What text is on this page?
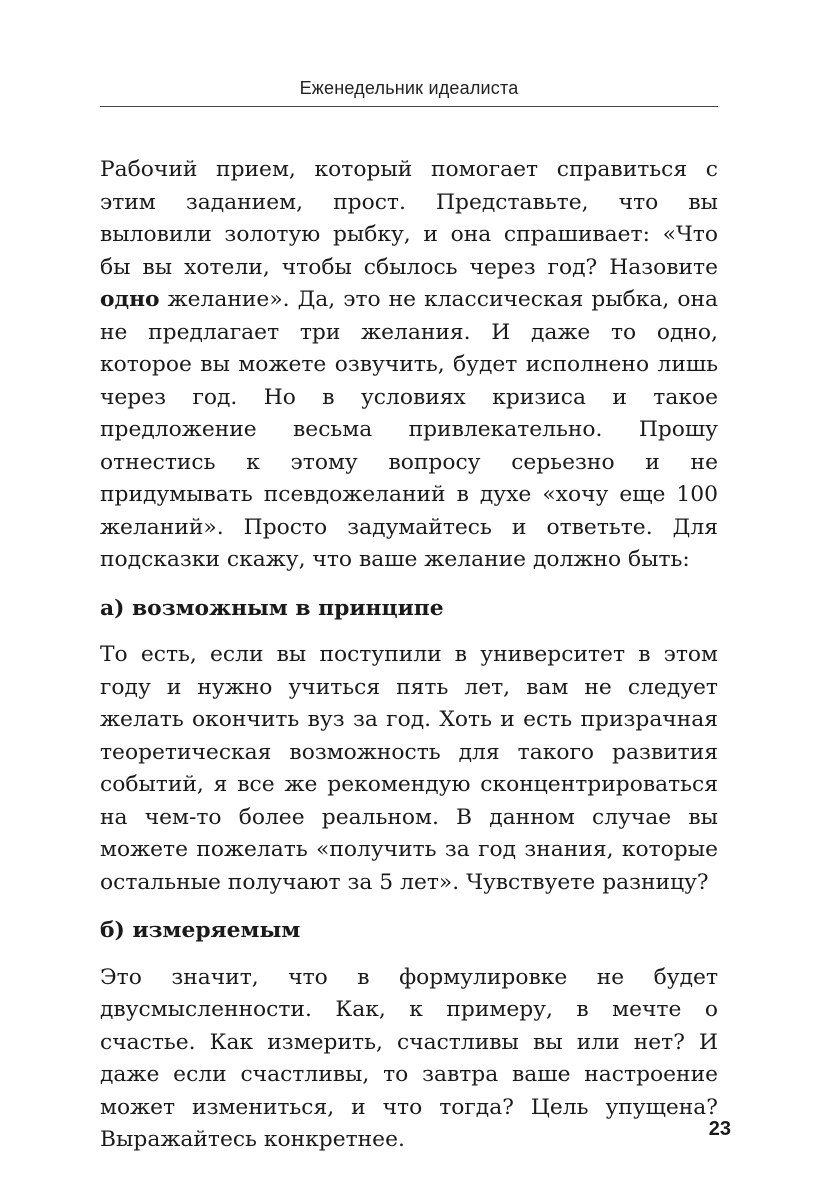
Еженедельник идеалиста

Рабочий прием, который помогает справиться с этим заданием, прост. Представьте, что вы выловили золотую рыбку, и она спрашивает: «Что бы вы хотели, чтобы сбылось через год? Назовите одно желание». Да, это не классическая рыбка, она не предлагает три желания. И даже то одно, которое вы можете озвучить, будет исполнено лишь через год. Но в условиях кризиса и такое предложение весьма привлекательно. Прошу отнестись к этому вопросу серьезно и не придумывать псевдожеланий в духе «хочу еще 100 желаний». Просто задумайтесь и ответьте. Для подсказки скажу, что ваше желание должно быть:

а) возможным в принципе

То есть, если вы поступили в университет в этом году и нужно учиться пять лет, вам не следует желать окончить вуз за год. Хоть и есть призрачная теоретическая возможность для такого развития событий, я все же рекомендую сконцентрироваться на чем-то более реальном. В данном случае вы можете пожелать «получить за год знания, которые остальные получают за 5 лет». Чувствуете разницу?

б) измеряемым

Это значит, что в формулировке не будет двусмысленности. Как, к примеру, в мечте о счастье. Как измерить, счастливы вы или нет? И даже если счастливы, то завтра ваше настроение может измениться, и что тогда? Цель упущена? Выражайтесь конкретнее.	23
